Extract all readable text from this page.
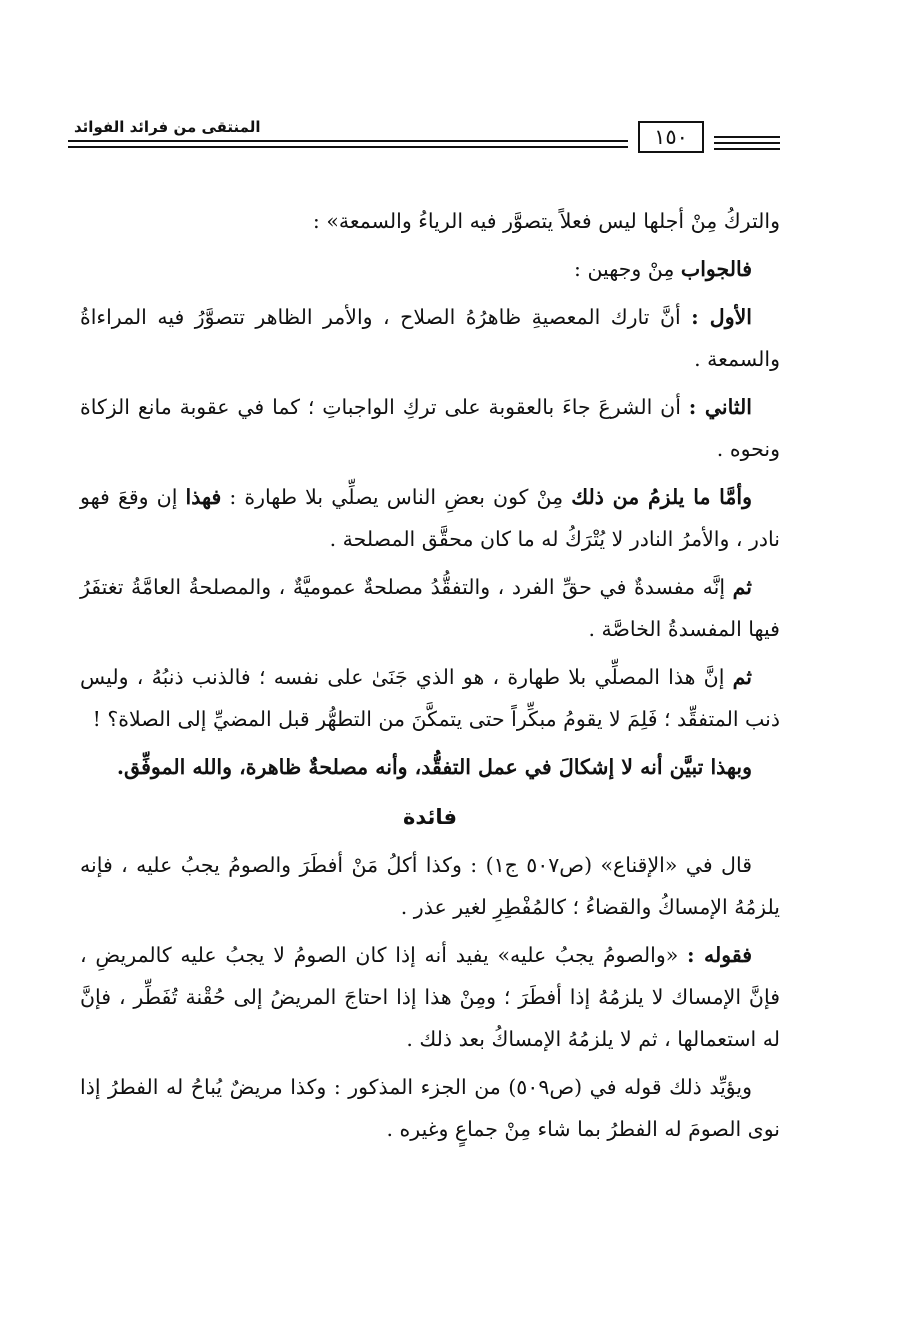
المنتقى من فرائد الفوائد	١٥٠

والتركُ مِنْ أجلها ليس فعلاً يتصوَّر فيه الرياءُ والسمعة» :

فالجواب مِنْ وجهين :

الأول : أنَّ تارك المعصيةِ ظاهرُهُ الصلاح ، والأمر الظاهر تتصوَّرُ فيه المراءاةُ والسمعة .

الثاني : أن الشرعَ جاءَ بالعقوبة على تركِ الواجباتِ ؛ كما في عقوبة مانع الزكاة ونحوه .

وأمَّا ما يلزمُ من ذلك مِنْ كون بعضِ الناس يصلِّي بلا طهارة : فهذا إن وقعَ فهو نادر ، والأمرُ النادر لا يُتْرَكُ له ما كان محقَّق المصلحة .

ثم إنَّه مفسدةٌ في حقِّ الفرد ، والتفقُّدُ مصلحةٌ عموميَّةٌ ، والمصلحةُ العامَّةُ تغتفَرُ فيها المفسدةُ الخاصَّة .

ثم إنَّ هذا المصلِّي بلا طهارة ، هو الذي جَنَىٰ على نفسه ؛ فالذنب ذنبُهُ ، وليس ذنب المتفقِّد ؛ فَلِمَ لا يقومُ مبكِّراً حتى يتمكَّنَ من التطهُّر قبل المضيِّ إلى الصلاة؟ !

وبهذا تبيَّن أنه لا إشكالَ في عمل التفقُّد، وأنه مصلحةٌ ظاهرة، والله الموفِّق.

فائدة

قال في «الإقناع» (ص٥٠٧ ج١) : وكذا أكلُ مَنْ أفطَرَ والصومُ يجبُ عليه ، فإنه يلزمُهُ الإمساكُ والقضاءُ ؛ كالمُفْطِرِ لغير عذر .

فقوله : «والصومُ يجبُ عليه» يفيد أنه إذا كان الصومُ لا يجبُ عليه كالمريضِ ، فإنَّ الإمساك لا يلزمُهُ إذا أفطَرَ ؛ ومِنْ هذا إذا احتاجَ المريضُ إلى حُقْنة تُفَطِّر ، فإنَّ له استعمالها ، ثم لا يلزمُهُ الإمساكُ بعد ذلك .

ويؤيِّد ذلك قوله في (ص٥٠٩) من الجزء المذكور : وكذا مريضٌ يُباحُ له الفطرُ إذا نوى الصومَ له الفطرُ بما شاء مِنْ جماعٍ وغيره .
